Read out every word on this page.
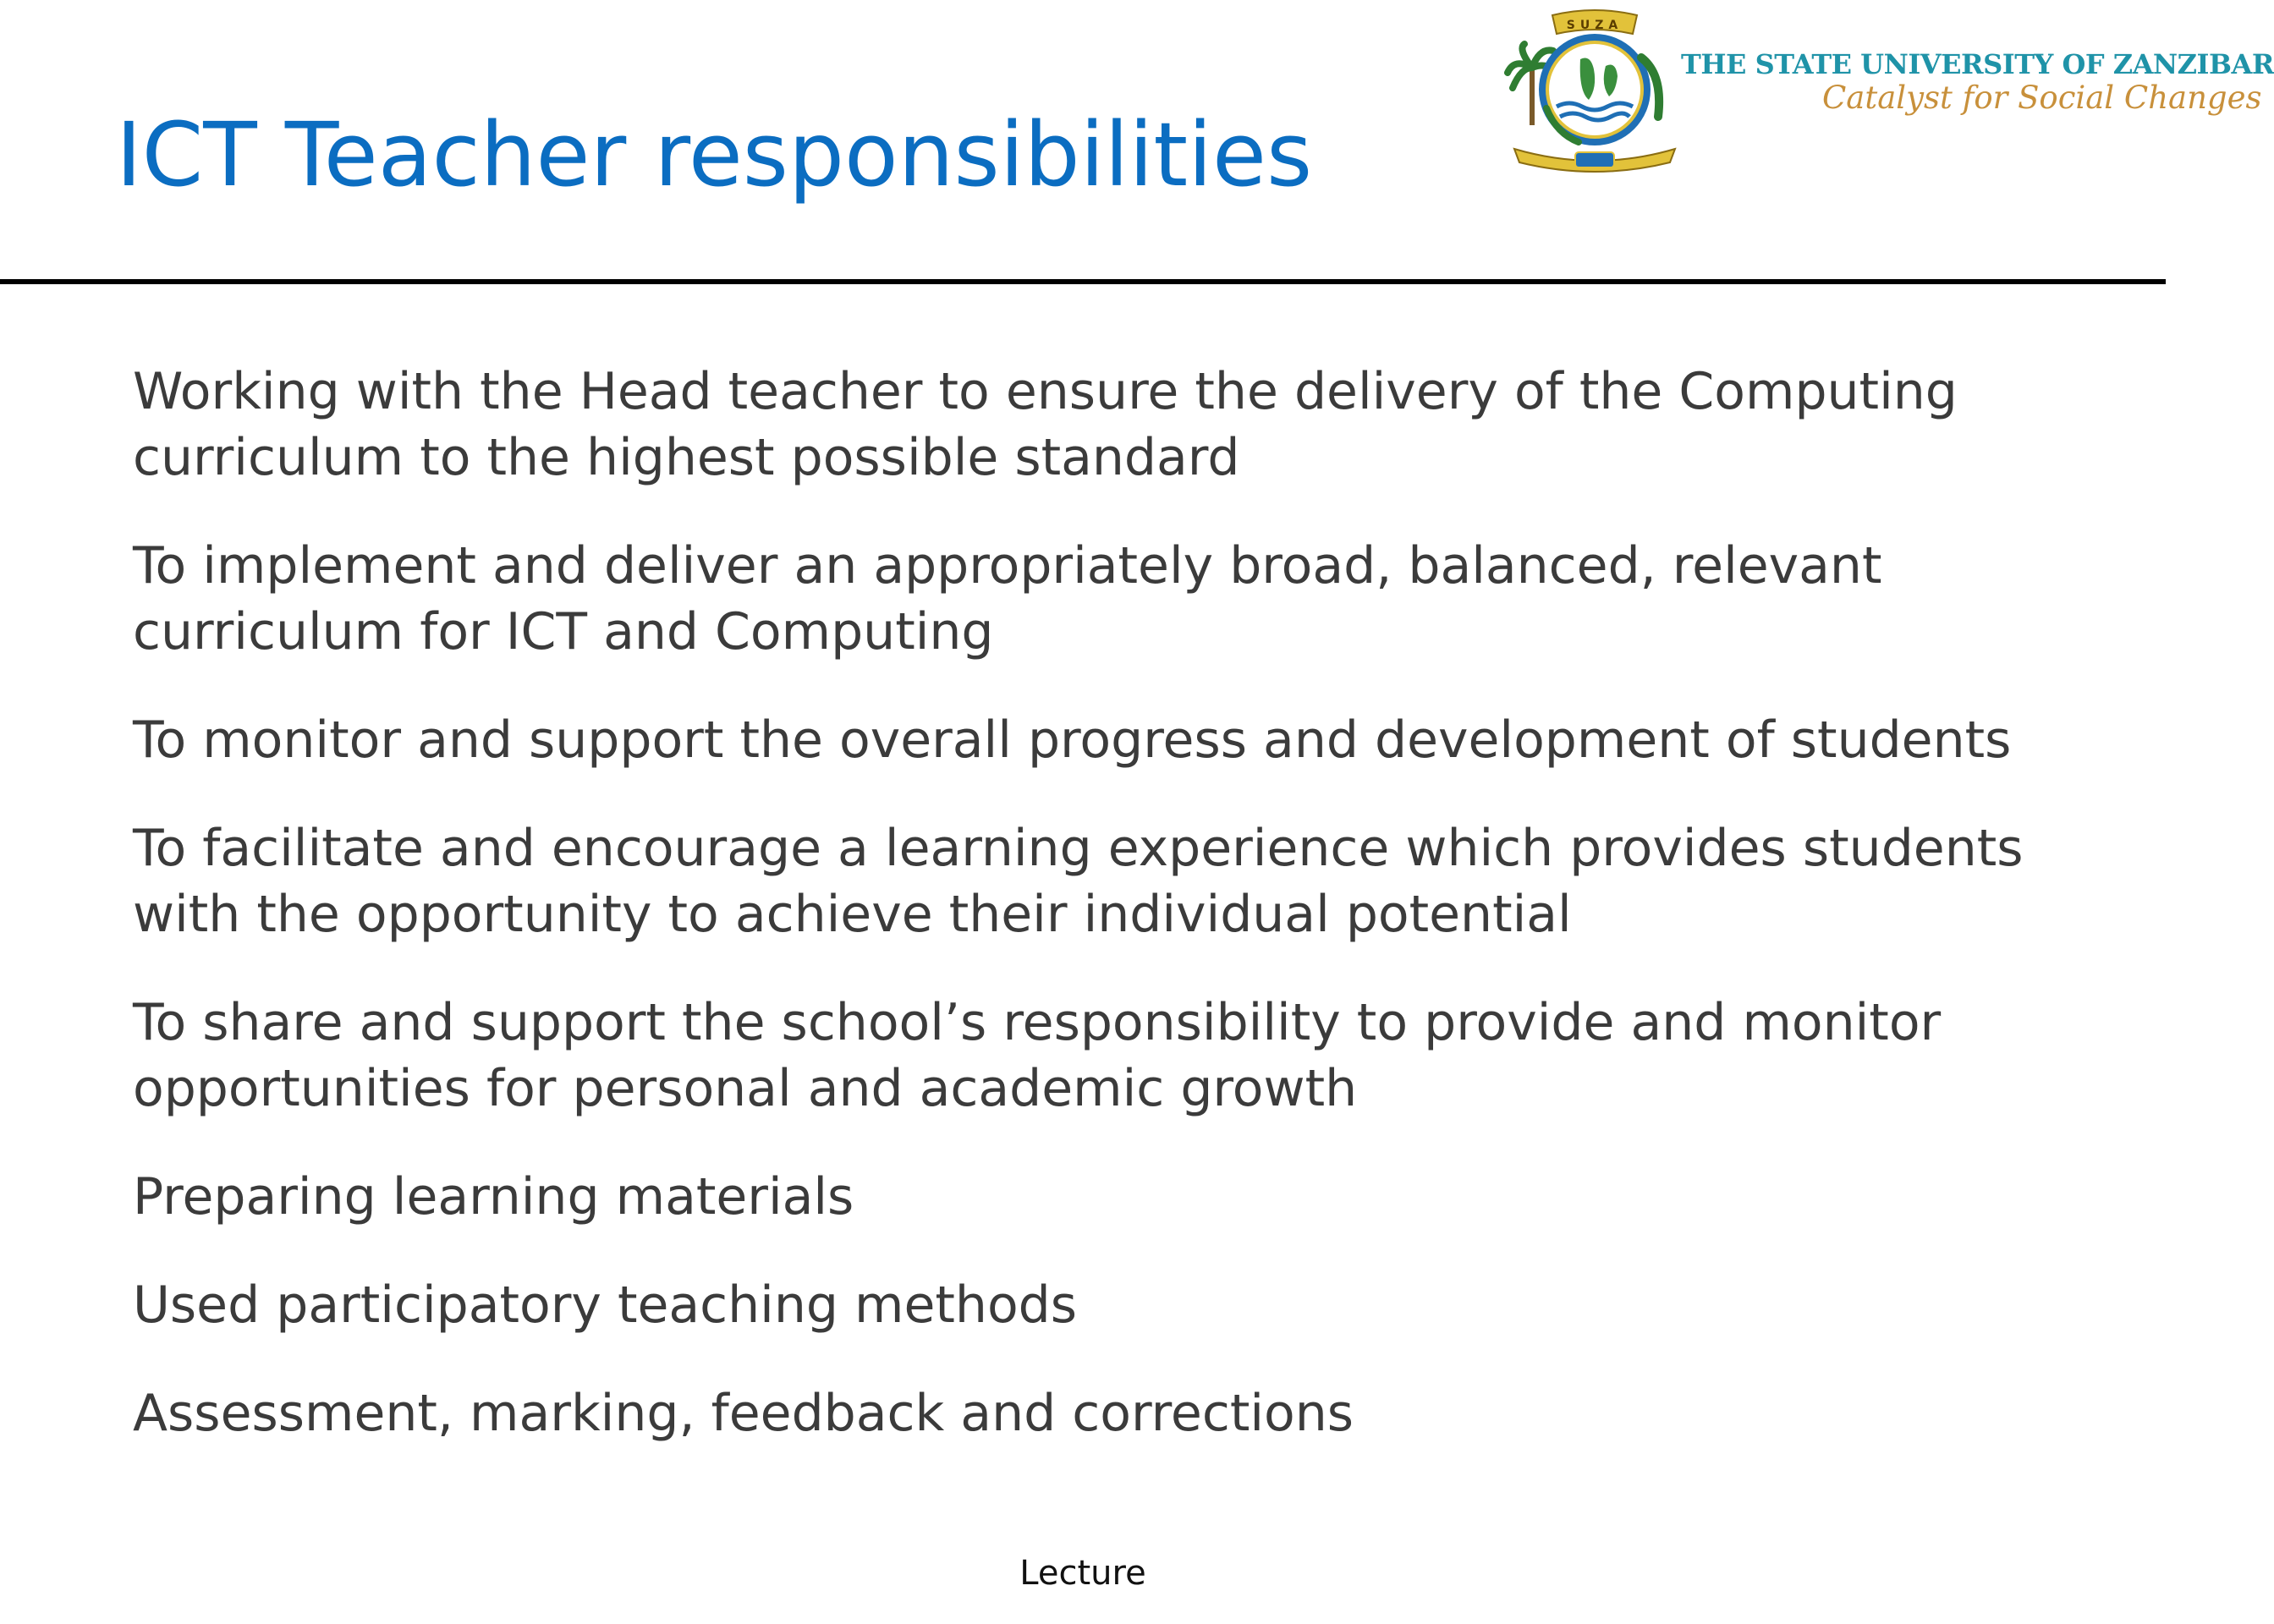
ICT Teacher responsibilities
SUZA
THE STATE UNIVERSITY OF ZANZIBAR
Catalyst for Social Changes
Working with the Head teacher to ensure the delivery of the Computing curriculum to the highest possible standard
To implement and deliver an appropriately broad, balanced, relevant curriculum for ICT and Computing
To monitor and support the overall progress and development of students
To facilitate and encourage a learning experience which provides students with the opportunity to achieve their individual potential
To share and support the school’s responsibility to provide and monitor opportunities for personal and academic growth
Preparing learning materials
Used participatory teaching methods
Assessment, marking, feedback and corrections
Lecture
